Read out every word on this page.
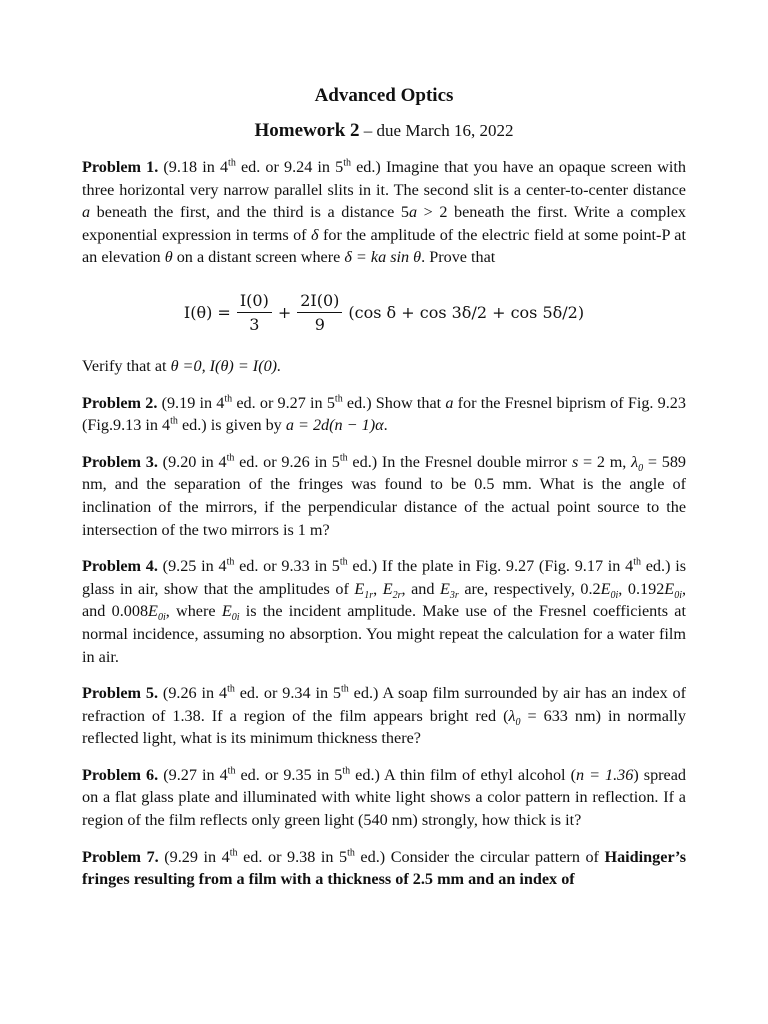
Advanced Optics
Homework 2 – due March 16, 2022

Problem 1. (9.18 in 4th ed. or 9.24 in 5th ed.) Imagine that you have an opaque screen with three horizontal very narrow parallel slits in it. The second slit is a center-to-center distance a beneath the first, and the third is a distance 5a > 2 beneath the first. Write a complex exponential expression in terms of δ for the amplitude of the electric field at some point-P at an elevation θ on a distant screen where δ = ka sin θ. Prove that

$I(\theta) = \frac{I(0)}{3} + \frac{2I(0)}{9} (\cos$ δ + cos 3δ/2 + cos 5δ/2)

Verify that at θ =0, I(θ) = I(0).

Problem 2. (9.19 in 4th ed. or 9.27 in 5th ed.) Show that a for the Fresnel biprism of Fig. 9.23 (Fig.9.13 in 4th ed.) is given by a = 2d(n − 1)α.

Problem 3. (9.20 in 4th ed. or 9.26 in 5th ed.) In the Fresnel double mirror s = 2 m, $\lambda_0 = 589$ nm, and the separation of the fringes was found to be 0.5 mm. What is the angle of inclination of the mirrors, if the perpendicular distance of the actual point source to the intersection of the two mirrors is 1 m?

Problem 4. (9.25 in 4th ed. or 9.33 in 5th ed.) If the plate in Fig. 9.27 (Fig. 9.17 in 4th ed.) is glass in air, show that the amplitudes of $E_{1r}$, $E_{2r}$, and $E_{3r}$ are, respectively, $0.2E_{0i}$, $0.192E_{0i}$, and $0.008E_{0i}$, where $E_{0i}$ is the incident amplitude. Make use of the Fresnel coefficients at normal incidence, assuming no absorption. You might repeat the calculation for a water film in air.

Problem 5. (9.26 in 4th ed. or 9.34 in 5th ed.) A soap film surrounded by air has an index of refraction of 1.38. If a region of the film appears bright red ($\lambda_0 = 633$ nm) in normally reflected light, what is its minimum thickness there?

Problem 6. (9.27 in 4th ed. or 9.35 in 5th ed.) A thin film of ethyl alcohol (n = 1.36) spread on a flat glass plate and illuminated with white light shows a color pattern in reflection. If a region of the film reflects only green light (540 nm) strongly, how thick is it?

Problem 7. (9.29 in 4th ed. or 9.38 in 5th ed.) Consider the circular pattern of Haidinger’s fringes resulting from a film with a thickness of 2.5 mm and an index of
